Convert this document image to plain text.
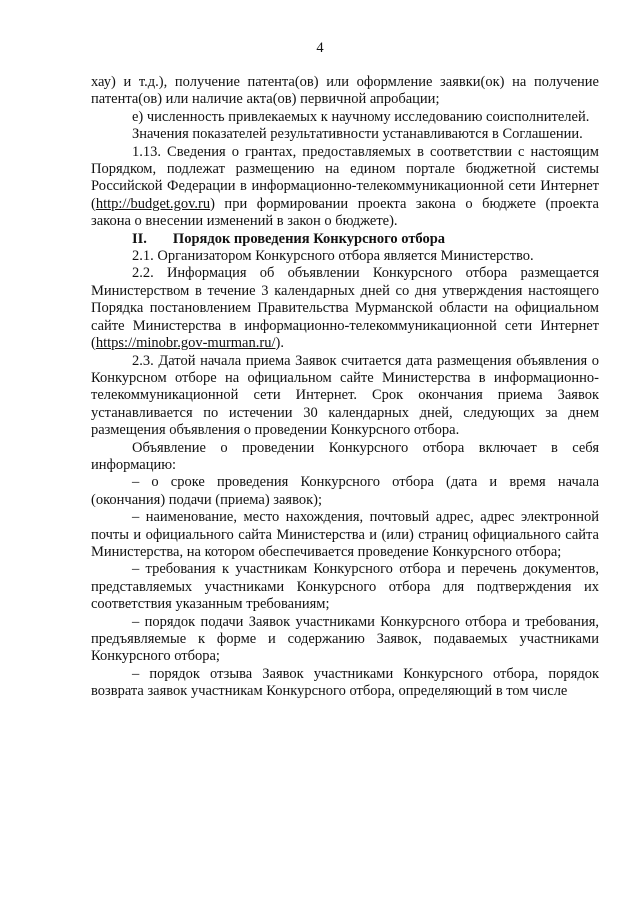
4

хау) и т.д.), получение патента(ов) или оформление заявки(ок) на получение патента(ов) или наличие акта(ов) первичной апробации;

е) численность привлекаемых к научному исследованию соисполнителей.

Значения показателей результативности устанавливаются в Соглашении.

1.13. Сведения о грантах, предоставляемых в соответствии с настоящим Порядком, подлежат размещению на едином портале бюджетной системы Российской Федерации в информационно-телекоммуникационной сети Интернет (http://budget.gov.ru) при формировании проекта закона о бюджете (проекта закона о внесении изменений в закон о бюджете).

II. Порядок проведения Конкурсного отбора

2.1. Организатором Конкурсного отбора является Министерство.

2.2. Информация об объявлении Конкурсного отбора размещается Министерством в течение 3 календарных дней со дня утверждения настоящего Порядка постановлением Правительства Мурманской области на официальном сайте Министерства в информационно-телекоммуникационной сети Интернет (https://minobr.gov-murman.ru/).

2.3. Датой начала приема Заявок считается дата размещения объявления о Конкурсном отборе на официальном сайте Министерства в информационно-телекоммуникационной сети Интернет. Срок окончания приема Заявок устанавливается по истечении 30 календарных дней, следующих за днем размещения объявления о проведении Конкурсного отбора.

Объявление о проведении Конкурсного отбора включает в себя информацию:

– о сроке проведения Конкурсного отбора (дата и время начала (окончания) подачи (приема) заявок);

– наименование, место нахождения, почтовый адрес, адрес электронной почты и официального сайта Министерства и (или) страниц официального сайта Министерства, на котором обеспечивается проведение Конкурсного отбора;

– требования к участникам Конкурсного отбора и перечень документов, представляемых участниками Конкурсного отбора для подтверждения их соответствия указанным требованиям;

– порядок подачи Заявок участниками Конкурсного отбора и требования, предъявляемые к форме и содержанию Заявок, подаваемых участниками Конкурсного отбора;

– порядок отзыва Заявок участниками Конкурсного отбора, порядок возврата заявок участникам Конкурсного отбора, определяющий в том числе
